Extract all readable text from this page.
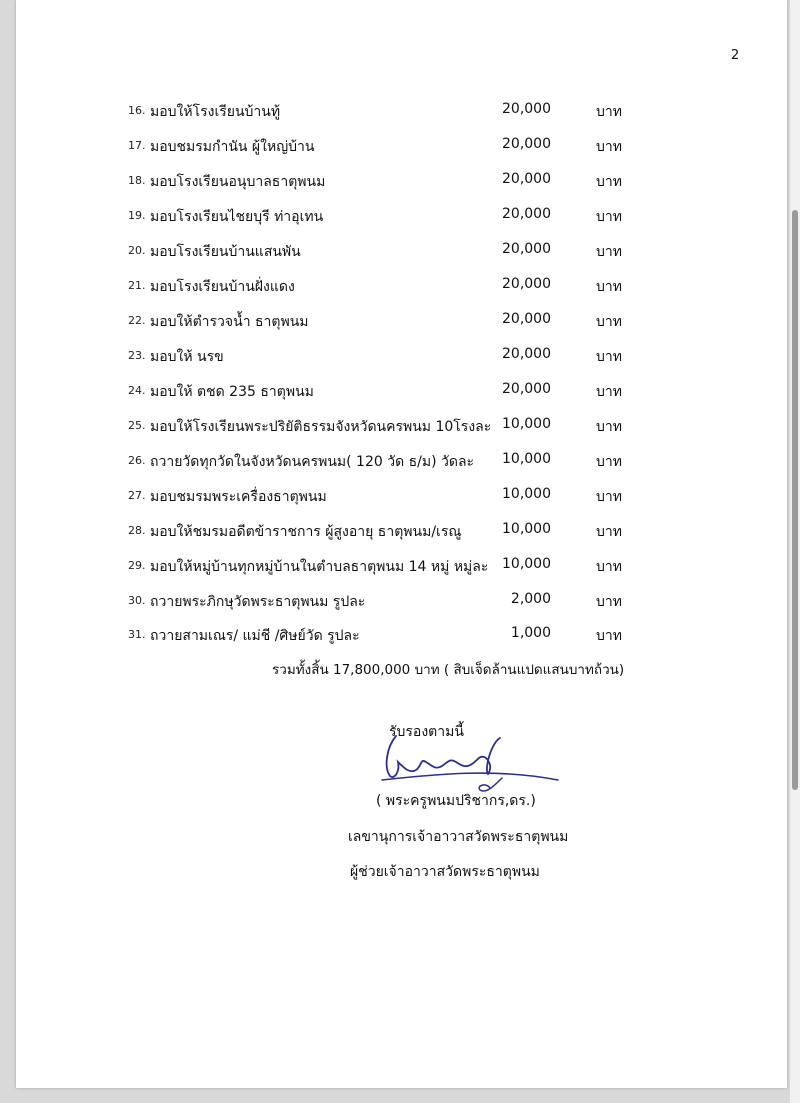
2
16. มอบให้โรงเรียนบ้านทู้	20,000	บาท
17. มอบชมรมกำนัน ผู้ใหญ่บ้าน	20,000	บาท
18. มอบโรงเรียนอนุบาลธาตุพนม	20,000	บาท
19. มอบโรงเรียนไชยบุรี ท่าอุเทน	20,000	บาท
20. มอบโรงเรียนบ้านแสนพัน	20,000	บาท
21. มอบโรงเรียนบ้านฝั่งแดง	20,000	บาท
22. มอบให้ตำรวจน้ำ ธาตุพนม	20,000	บาท
23. มอบให้ นรข	20,000	บาท
24. มอบให้ ตชด 235 ธาตุพนม	20,000	บาท
25. มอบให้โรงเรียนพระปริยัติธรรมจังหวัดนครพนม 10โรงละ 10,000	บาท
26. ถวายวัดทุกวัดในจังหวัดนครพนม( 120 วัด ธ/ม) วัดละ 10,000	บาท
27. มอบชมรมพระเครื่องธาตุพนม	10,000	บาท
28. มอบให้ชมรมอดีตข้าราชการ ผู้สูงอายุ ธาตุพนม/เรณู	10,000	บาท
29. มอบให้หมู่บ้านทุกหมู่บ้านในตำบลธาตุพนม 14 หมู่ หมู่ละ 10,000	บาท
30. ถวายพระภิกษุวัดพระธาตุพนม รูปละ	2,000	บาท
31. ถวายสามเณร/ แม่ชี /ศิษย์วัด รูปละ	1,000	บาท
รวมทั้งสิ้น 17,800,000 บาท ( สิบเจ็ดล้านแปดแสนบาทถ้วน)
รับรองตามนี้
( พระครูพนมปริชากร,ดร.)
เลขานุการเจ้าอาวาสวัดพระธาตุพนม
ผู้ช่วยเจ้าอาวาสวัดพระธาตุพนม
